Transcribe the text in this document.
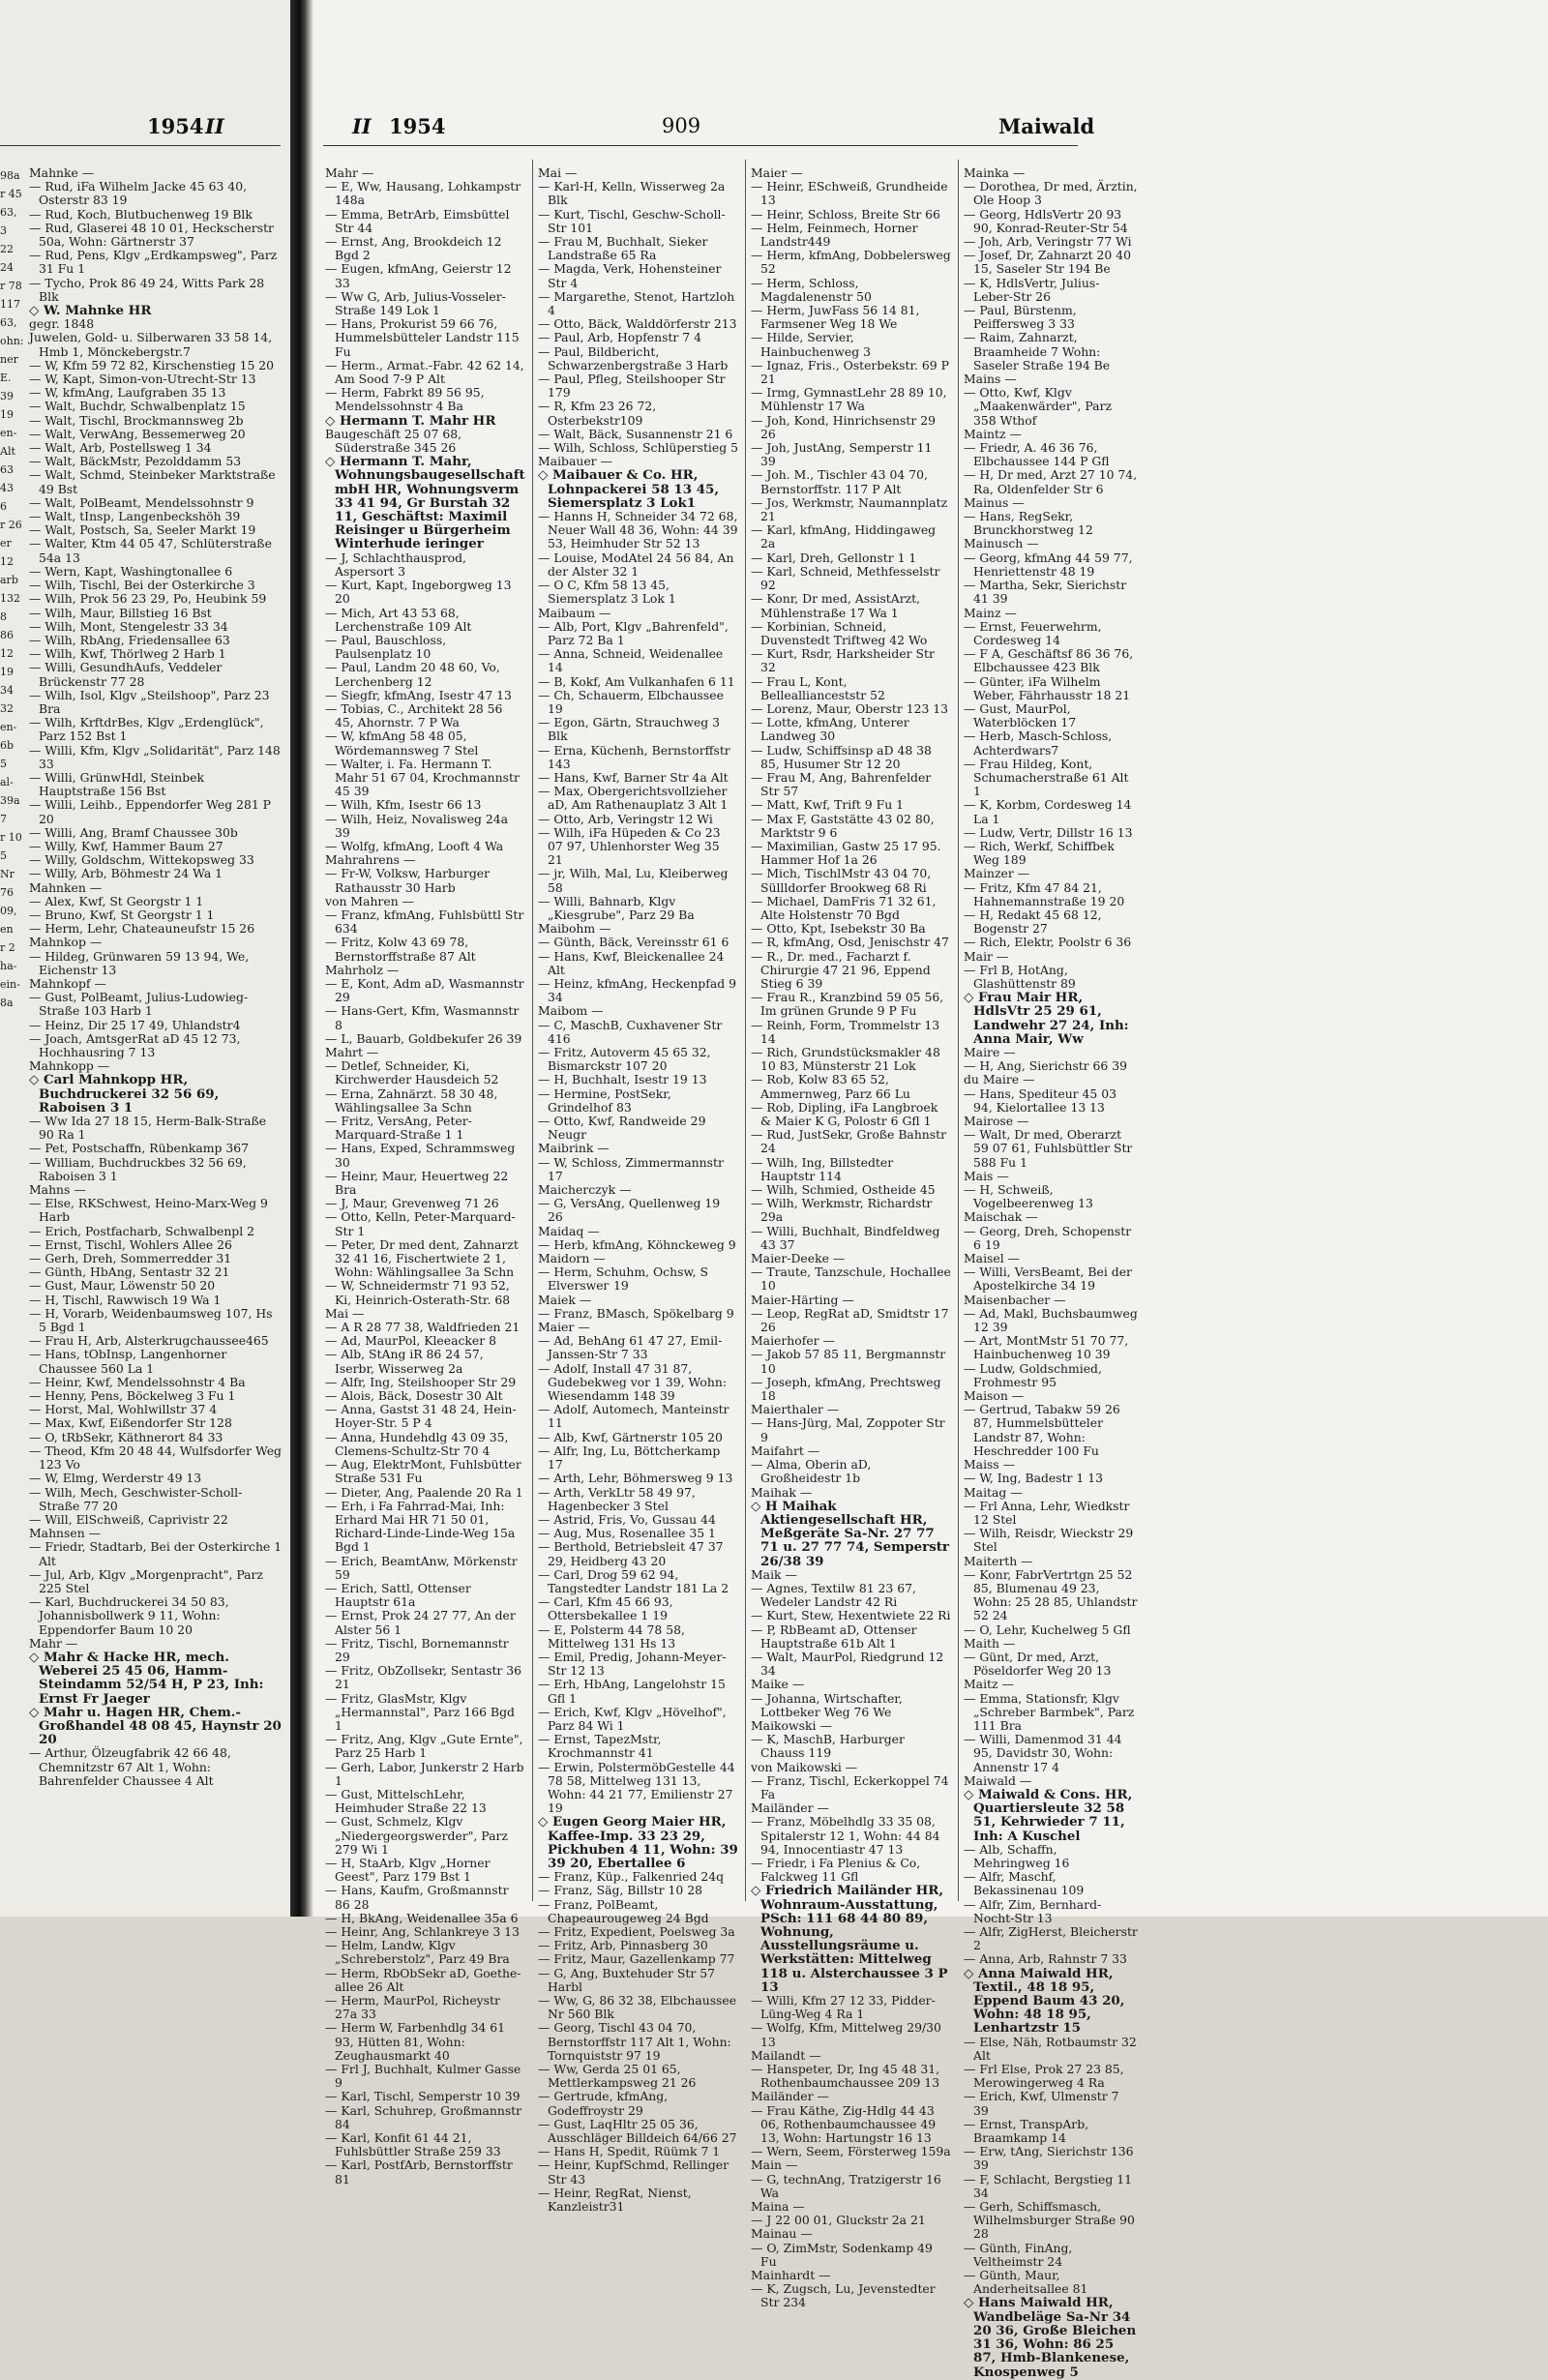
1954 II

Mahnke —

— Rud, iFa Wilhelm Jacke 45 63 40, Osterstr 83 19

— Rud, Koch, Blutbuchenweg 19 Blk

— Rud, Glaserei 48 10 01, Heckscherstr 50a, Wohn: Gärtnerstr 37

— Rud, Pens, Klgv „Erdkampsweg", Parz 31 Fu 1

— Tycho, Prok 86 49 24, Witts Park 28 Blk

◇ W. Mahnke HR

gegr. 1848

Juwelen, Gold- u. Silberwaren 33 58 14, Hmb 1, Mönckebergstr.7

— W, Kfm 59 72 82, Kirschenstieg 15 20

— W, Kapt, Simon-von-Utrecht-Str 13

— W, kfmAng, Laufgraben 35 13

— Walt, Buchdr, Schwalbenplatz 15

— Walt, Tischl, Brockmannsweg 2b

— Walt, VerwAng, Bessemerweg 20

— Walt, Arb, Postellsweg 1 34

— Walt, BäckMstr, Pezolddamm 53

— Walt, Schmd, Steinbeker Marktstraße 49 Bst

— Walt, PolBeamt, Mendelssohnstr 9

— Walt, tInsp, Langenbeckshöh 39

— Walt, Postsch, Sa, Seeler Markt 19

— Walter, Ktm 44 05 47, Schlüterstraße 54a 13

— Wern, Kapt, Washingtonallee 6

— Wilh, Tischl, Bei der Osterkirche 3

— Wilh, Prok 56 23 29, Po, Heubink 59

— Wilh, Maur, Billstieg 16 Bst

— Wilh, Mont, Stengelestr 33 34

— Wilh, RbAng, Friedensallee 63

— Wilh, Kwf, Thörlweg 2 Harb 1

— Willi, GesundhAufs, Veddeler Brückenstr 77 28

— Wilh, Isol, Klgv „Steilshoop", Parz 23 Bra

— Wilh, KrftdrBes, Klgv „Erdenglück", Parz 152 Bst 1

— Willi, Kfm, Klgv „Solidarität", Parz 148 33

— Willi, GrünwHdl, Steinbek Hauptstraße 156 Bst

— Willi, Leihb., Eppendorfer Weg 281 P 20

— Willi, Ang, Bramf Chaussee 30b

— Willy, Kwf, Hammer Baum 27

— Willy, Goldschm, Wittekopsweg 33

— Willy, Arb, Böhmestr 24 Wa 1

Mahnken —

— Alex, Kwf, St Georgstr 1 1

— Bruno, Kwf, St Georgstr 1 1

— Herm, Lehr, Chateauneufstr 15 26

Mahnkop —

— Hildeg, Grünwaren 59 13 94, We, Eichenstr 13

Mahnkopf —

— Gust, PolBeamt, Julius-Ludowieg-Straße 103 Harb 1

— Heinz, Dir 25 17 49, Uhlandstr4

— Joach, AmtsgerRat aD 45 12 73, Hochhausring 7 13

Mahnkopp —

◇ Carl Mahnkopp HR, Buchdruckerei 32 56 69, Raboisen 3 1

— Ww Ida 27 18 15, Herm-Balk-Straße 90 Ra 1

— Pet, Postschaffn, Rübenkamp 367

— William, Buchdruckbes 32 56 69, Raboisen 3 1

Mahns —

— Else, RKSchwest, Heino-Marx-Weg 9 Harb

— Erich, Postfacharb, Schwalbenpl 2

— Ernst, Tischl, Wohlers Allee 26

— Gerh, Dreh, Sommerredder 31

— Günth, HbAng, Sentastr 32 21

— Gust, Maur, Löwenstr 50 20

— H, Tischl, Rawwisch 19 Wa 1

— H, Vorarb, Weidenbaumsweg 107, Hs 5 Bgd 1

— Frau H, Arb, Alsterkrugchaussee465

— Hans, tObInsp, Langenhorner Chaussee 560 La 1

— Heinr, Kwf, Mendelssohnstr 4 Ba

— Henny, Pens, Böckelweg 3 Fu 1

— Horst, Mal, Wohlwillstr 37 4

— Max, Kwf, Eißendorfer Str 128

— O, tRbSekr, Käthnerort 84 33

— Theod, Kfm 20 48 44, Wulfsdorfer Weg 123 Vo

— W, Elmg, Werderstr 49 13

— Wilh, Mech, Geschwister-Scholl-Straße 77 20

— Will, ElSchweiß, Caprivistr 22

Mahnsen —

— Friedr, Stadtarb, Bei der Osterkirche 1 Alt

— Jul, Arb, Klgv „Morgenpracht", Parz 225 Stel

— Karl, Buchdruckerei 34 50 83, Johannisbollwerk 9 11, Wohn: Eppendorfer Baum 10 20

Mahr —

◇ Mahr & Hacke HR, mech. Weberei 25 45 06, Hamm-Steindamm 52/54 H, P 23, Inh: Ernst Fr Jaeger

◇ Mahr u. Hagen HR, Chem.-Großhandel 48 08 45, Haynstr 20 20

— Arthur, Ölzeugfabrik 42 66 48, Chemnitzstr 67 Alt 1, Wohn: Bahrenfelder Chaussee 4 Alt

98a
r 45
63,
3 22
24
r 78
117
63,
ohn:
ner
E.
39
19
en-
Alt
63
43
6
r 26
er
12
arb
132
8
86
12
19
34
32
en-
6b
5
al-
39a
7
r 10
5
Nr
76
09,
en
r 2
ha-
ein-
8a
II 1954	909	Maiwald

Mahr —

— E, Ww, Hausang, Lohkampstr 148a

— Emma, BetrArb, Eimsbüttel Str 44

— Ernst, Ang, Brookdeich 12 Bgd 2

— Eugen, kfmAng, Geierstr 12 33

— Ww G, Arb, Julius-Vosseler-Straße 149 Lok 1

— Hans, Prokurist 59 66 76, Hummelsbütteler Landstr 115 Fu

— Herm., Armat.-Fabr. 42 62 14, Am Sood 7-9 P Alt

— Herm, Fabrkt 89 56 95, Mendelssohnstr 4 Ba

◇ Hermann T. Mahr HR

Baugeschäft 25 07 68, Süderstraße 345 26

◇ Hermann T. Mahr, Wohnungsbaugesellschaft mbH HR, Wohnungsverm 33 41 94, Gr Burstah 32 11, Geschäftst: Maximil Reisinger u Bürgerheim Winterhude ieringer

— J, Schlachthausprod, Aspersort 3

— Kurt, Kapt, Ingeborgweg 13 20

— Mich, Art 43 53 68, Lerchenstraße 109 Alt

— Paul, Bauschloss, Paulsenplatz 10

— Paul, Landm 20 48 60, Vo, Lerchenberg 12

— Siegfr, kfmAng, Isestr 47 13

— Tobias, C., Architekt 28 56 45, Ahornstr. 7 P Wa

— W, kfmAng 58 48 05, Wördemannsweg 7 Stel

— Walter, i. Fa. Hermann T. Mahr 51 67 04, Krochmannstr 45 39

— Wilh, Kfm, Isestr 66 13

— Wilh, Heiz, Novalisweg 24a 39

— Wolfg, kfmAng, Looft 4 Wa

Mahrahrens —

— Fr-W, Volksw, Harburger Rathausstr 30 Harb

von Mahren —

— Franz, kfmAng, Fuhlsbüttl Str 634

— Fritz, Kolw 43 69 78, Bernstorffstraße 87 Alt

Mahrholz —

— E, Kont, Adm aD, Wasmannstr 29

— Hans-Gert, Kfm, Wasmannstr 8

— L, Bauarb, Goldbekufer 26 39

Mahrt —

— Detlef, Schneider, Ki, Kirchwerder Hausdeich 52

— Erna, Zahnärzt. 58 30 48, Wählingsallee 3a Schn

— Fritz, VersAng, Peter-Marquard-Straße 1 1

— Hans, Exped, Schrammsweg 30

— Heinr, Maur, Heuertweg 22 Bra

— J, Maur, Grevenweg 71 26

— Otto, Kelln, Peter-Marquard-Str 1

— Peter, Dr med dent, Zahnarzt 32 41 16, Fischertwiete 2 1, Wohn: Wählingsallee 3a Schn

— W, Schneidermstr 71 93 52, Ki, Heinrich-Osterath-Str. 68

Mai —

— A R 28 77 38, Waldfrieden 21

— Ad, MaurPol, Kleeacker 8

— Alb, StAng iR 86 24 57, Iserbr, Wisserweg 2a

— Alfr, Ing, Steilshooper Str 29

— Alois, Bäck, Dosestr 30 Alt

— Anna, Gastst 31 48 24, Hein-Hoyer-Str. 5 P 4

— Anna, Hundehdlg 43 09 35, Clemens-Schultz-Str 70 4

— Aug, ElektrMont, Fuhlsbütter Straße 531 Fu

— Dieter, Ang, Paalende 20 Ra 1

— Erh, i Fa Fahrrad-Mai, Inh: Erhard Mai HR 71 50 01, Richard-Linde-Linde-Weg 15a Bgd 1

— Erich, BeamtAnw, Mörkenstr 59

— Erich, Sattl, Ottenser Hauptstr 61a

— Ernst, Prok 24 27 77, An der Alster 56 1

— Fritz, Tischl, Bornemannstr 29

— Fritz, ObZollsekr, Sentastr 36 21

— Fritz, GlasMstr, Klgv „Hermannstal", Parz 166 Bgd 1

— Fritz, Ang, Klgv „Gute Ernte", Parz 25 Harb 1

— Gerh, Labor, Junkerstr 2 Harb 1

— Gust, MittelschLehr, Heimhuder Straße 22 13

— Gust, Schmelz, Klgv „Niedergeorgswerder", Parz 279 Wi 1

— H, StaArb, Klgv „Horner Geest", Parz 179 Bst 1

— Hans, Kaufm, Großmannstr 86 28

— H, BkAng, Weidenallee 35a 6

— Heinr, Ang, Schlankreye 3 13

— Helm, Landw, Klgv „Schreberstolz", Parz 49 Bra

— Herm, RbObSekr aD, Goethe-allee 26 Alt

— Herm, MaurPol, Richeystr 27a 33

— Herm W, Farbenhdlg 34 61 93, Hütten 81, Wohn: Zeughausmarkt 40

— Frl J, Buchhalt, Kulmer Gasse 9

— Karl, Tischl, Semperstr 10 39

— Karl, Schuhrep, Großmannstr 84

— Karl, Konfit 61 44 21, Fuhlsbüttler Straße 259 33

— Karl, PostfArb, Bernstorffstr 81

Mai —

— Karl-H, Kelln, Wisserweg 2a Blk

— Kurt, Tischl, Geschw-Scholl-Str 101

— Frau M, Buchhalt, Sieker Landstraße 65 Ra

— Magda, Verk, Hohensteiner Str 4

— Margarethe, Stenot, Hartzloh 4

— Otto, Bäck, Walddörferstr 213

— Paul, Arb, Hopfenstr 7 4

— Paul, Bildbericht, Schwarzenbergstraße 3 Harb

— Paul, Pfleg, Steilshooper Str 179

— R, Kfm 23 26 72, Osterbekstr109

— Walt, Bäck, Susannenstr 21 6

— Wilh, Schloss, Schlüperstieg 5

Maibauer —

◇ Maibauer & Co. HR, Lohnpackerei 58 13 45, Siemersplatz 3 Lok1

— Hanns H, Schneider 34 72 68, Neuer Wall 48 36, Wohn: 44 39 53, Heimhuder Str 52 13

— Louise, ModAtel 24 56 84, An der Alster 32 1

— O C, Kfm 58 13 45, Siemersplatz 3 Lok 1

Maibaum —

— Alb, Port, Klgv „Bahrenfeld", Parz 72 Ba 1

— Anna, Schneid, Weidenallee 14

— B, Kokf, Am Vulkanhafen 6 11

— Ch, Schauerm, Elbchaussee 19

— Egon, Gärtn, Strauchweg 3 Blk

— Erna, Küchenh, Bernstorffstr 143

— Hans, Kwf, Barner Str 4a Alt

— Max, Obergerichtsvollzieher aD, Am Rathenauplatz 3 Alt 1

— Otto, Arb, Veringstr 12 Wi

— Wilh, iFa Hüpeden & Co 23 07 97, Uhlenhorster Weg 35 21

— jr, Wilh, Mal, Lu, Kleiberweg 58

— Willi, Bahnarb, Klgv „Kiesgrube", Parz 29 Ba

Maibohm —

— Günth, Bäck, Vereinsstr 61 6

— Hans, Kwf, Bleickenallee 24 Alt

— Heinz, kfmAng, Heckenpfad 9 34

Maibom —

— C, MaschB, Cuxhavener Str 416

— Fritz, Autoverm 45 65 32, Bismarckstr 107 20

— H, Buchhalt, Isestr 19 13

— Hermine, PostSekr, Grindelhof 83

— Otto, Kwf, Randweide 29 Neugr

Maibrink —

— W, Schloss, Zimmermannstr 17

Maicherczyk —

— G, VersAng, Quellenweg 19 26

Maidaq —

— Herb, kfmAng, Köhnckeweg 9

Maidorn —

— Herm, Schuhm, Ochsw, S Elverswег 19

Maiek —

— Franz, BMasch, Spökelbarg 9

Maier —

— Ad, BehAng 61 47 27, Emil-Janssen-Str 7 33

— Adolf, Install 47 31 87, Gudebekweg vor 1 39, Wohn: Wiesendamm 148 39

— Adolf, Automech, Manteinstr 11

— Alb, Kwf, Gärtnerstr 105 20

— Alfr, Ing, Lu, Böttcherkamp 17

— Arth, Lehr, Böhmersweg 9 13

— Arth, VerkLtr 58 49 97, Hagenbecker 3 Stel

— Astrid, Fris, Vo, Gussau 44

— Aug, Mus, Rosenallee 35 1

— Berthold, Betriebsleit 47 37 29, Heidberg 43 20

— Carl, Drog 59 62 94, Tangstedter Landstr 181 La 2

— Carl, Kfm 45 66 93, Ottersbekallee 1 19

— E, Polsterm 44 78 58, Mittelweg 131 Hs 13

— Emil, Predig, Johann-Meyer-Str 12 13

— Erh, HbAng, Langelohstr 15 Gfl 1

— Erich, Kwf, Klgv „Hövelhof", Parz 84 Wi 1

— Ernst, TapezMstr, Krochmannstr 41

— Erwin, PolstermöbGestelle 44 78 58, Mittelweg 131 13, Wohn: 44 21 77, Emilienstr 27 19

◇ Eugen Georg Maier HR, Kaffee-Imp. 33 23 29, Pickhuben 4 11, Wohn: 39 39 20, Ebertallee 6

— Franz, Küp., Falkenried 24q

— Franz, Säg, Billstr 10 28

— Franz, PolBeamt, Chapeaurougeweg 24 Bgd

— Fritz, Expedient, Poelsweg 3a

— Fritz, Arb, Pinnasberg 30

— Fritz, Maur, Gazellenkamp 77

— G, Ang, Buxtehuder Str 57 Harbl

— Ww, G, 86 32 38, Elbchaussee Nr 560 Blk

— Georg, Tischl 43 04 70, Bernstorffstr 117 Alt 1, Wohn: Tornquiststr 97 19

— Ww, Gerda 25 01 65, Mettlerkampsweg 21 26

— Gertrude, kfmAng, Godeffroystr 29

— Gust, LaqHltr 25 05 36, Ausschläger Billdeich 64/66 27

— Hans H, Spedit, Rüümk 7 1

— Heinr, KupfSchmd, Rellinger Str 43

— Heinr, RegRat, Nienst, Kanzleistr31

Maier —

— Heinr, ESchweiß, Grundheide 13

— Heinr, Schloss, Breite Str 66

— Helm, Feinmech, Horner Landstr449

— Herm, kfmAng, Dobbelersweg 52

— Herm, Schloss, Magdalenenstr 50

— Herm, JuwFass 56 14 81, Farmsener Weg 18 We

— Hilde, Servier, Hainbuchenweg 3

— Ignaz, Fris., Osterbekstr. 69 P 21

— Irmg, GymnastLehr 28 89 10, Mühlenstr 17 Wa

— Joh, Kond, Hinrichsenstr 29 26

— Joh, JustAng, Semperstr 11 39

— Joh. M., Tischler 43 04 70, Bernstorffstr. 117 P Alt

— Jos, Werkmstr, Naumannplatz 21

— Karl, kfmAng, Hiddingaweg 2a

— Karl, Dreh, Gellonstr 1 1

— Karl, Schneid, Methfesselstr 92

— Konr, Dr med, AssistArzt, Mühlenstraße 17 Wa 1

— Korbinian, Schneid, Duvenstedt Triftweg 42 Wo

— Kurt, Rsdr, Harksheider Str 32

— Frau L, Kont, Belleallianceststr 52

— Lorenz, Maur, Oberstr 123 13

— Lotte, kfmAng, Unterer Landweg 30

— Ludw, Schiffsinsp aD 48 38 85, Husumer Str 12 20

— Frau M, Ang, Bahrenfelder Str 57

— Matt, Kwf, Trift 9 Fu 1

— Max F, Gaststätte 43 02 80, Marktstr 9 6

— Maximilian, Gastw 25 17 95. Hammer Hof 1a 26

— Mich, TischlMstr 43 04 70, Süllldorfer Brookweg 68 Ri

— Michael, DamFris 71 32 61, Alte Holstenstr 70 Bgd

— Otto, Kpt, Isebekstr 30 Ba

— R, kfmAng, Osd, Jenischstr 47

— R., Dr. med., Facharzt f. Chirurgie 47 21 96, Eppend Stieg 6 39

— Frau R., Kranzbind 59 05 56, Im grünen Grunde 9 P Fu

— Reinh, Form, Trommelstr 13 14

— Rich, Grundstücksmakler 48 10 83, Münsterstr 21 Lok

— Rob, Kolw 83 65 52, Ammernweg, Parz 66 Lu

— Rob, Dipling, iFa Langbroek & Maier K G, Polostr 6 Gfl 1

— Rud, JustSekr, Große Bahnstr 24

— Wilh, Ing, Billstedter Hauptstr 114

— Wilh, Schmied, Ostheide 45

— Wilh, Werkmstr, Richardstr 29a

— Willi, Buchhalt, Bindfeldweg 43 37

Maier-Deeke —

— Traute, Tanzschule, Hochallee 10

Maier-Härting —

— Leop, RegRat aD, Smidtstr 17 26

Maierhofer —

— Jakob 57 85 11, Bergmannstr 10

— Joseph, kfmAng, Prechtsweg 18

Maierthaler —

— Hans-Jürg, Mal, Zoppoter Str 9

Maifahrt —

— Alma, Oberin aD, Großheidestr 1b

Maihak —

◇ H Maihak Aktiengesellschaft HR, Meßgeräte Sa-Nr. 27 77 71 u. 27 77 74, Semperstr 26/38 39

Maik —

— Agnes, Textilw 81 23 67, Wedeler Landstr 42 Ri

— Kurt, Stew, Hexentwiete 22 Ri

— P, RbBeamt aD, Ottenser Hauptstraße 61b Alt 1

— Walt, MaurPol, Riedgrund 12 34

Maike —

— Johanna, Wirtschafter, Lottbeker Weg 76 We

Maikowski —

— K, MaschB, Harburger Chauss 119

von Maikowski —

— Franz, Tischl, Eckerkoppel 74 Fa

Mailänder —

— Franz, Möbelhdlg 33 35 08, Spitalerstr 12 1, Wohn: 44 84 94, Innocentiastr 47 13

— Friedr, i Fa Plenius & Co, Falckweg 11 Gfl

◇ Friedrich Mailänder HR, Wohnraum-Ausstattung, PSch: 111 68 44 80 89, Wohnung, Ausstellungsräume u. Werkstätten: Mittelweg 118 u. Alsterchaussee 3 P 13

— Willi, Kfm 27 12 33, Pidder-Lüng-Weg 4 Ra 1

— Wolfg, Kfm, Mittelweg 29/30 13

Mailandt —

— Hanspeter, Dr, Ing 45 48 31, Rothenbaumchaussee 209 13

Mailänder —

— Frau Käthe, Zig-Hdlg 44 43 06, Rothenbaumchaussee 49 13, Wohn: Hartungstr 16 13

— Wern, Seem, Försterweg 159a

Main —

— G, technAng, Tratzigerstr 16 Wa

Maina —

— J 22 00 01, Gluckstr 2a 21

Mainau —

— O, ZimMstr, Sodenkamp 49 Fu

Mainhardt —

— K, Zugsch, Lu, Jevenstedter Str 234

Mainka —

— Dorothea, Dr med, Ärztin, Ole Hoop 3

— Georg, HdlsVertr 20 93 90, Konrad-Reuter-Str 54

— Joh, Arb, Veringstr 77 Wi

— Josef, Dr, Zahnarzt 20 40 15, Saseler Str 194 Be

— K, HdlsVertr, Julius-Leber-Str 26

— Paul, Bürstenm, Peiffersweg 3 33

— Raim, Zahnarzt, Braamheide 7 Wohn: Saseler Straße 194 Be

Mains —

— Otto, Kwf, Klgv „Maakenwärder", Parz 358 Wthof

Maintz —

— Friedr, A. 46 36 76, Elbchaussee 144 P Gfl

— H, Dr med, Arzt 27 10 74, Ra, Oldenfelder Str 6

Mainus —

— Hans, RegSekr, Brunckhorstweg 12

Mainusch —

— Georg, kfmAng 44 59 77, Henriettenstr 48 19

— Martha, Sekr, Sierichstr 41 39

Mainz —

— Ernst, Feuerwehrm, Cordesweg 14

— F A, Geschäftsf 86 36 76, Elbchaussee 423 Blk

— Günter, iFa Wilhelm Weber, Fährhausstr 18 21

— Gust, MaurPol, Waterblöcken 17

— Herb, Masch-Schloss, Achterdwars7

— Frau Hildeg, Kont, Schumacherstraße 61 Alt 1

— K, Korbm, Cordesweg 14 La 1

— Ludw, Vertr, Dillstr 16 13

— Rich, Werkf, Schiffbek Weg 189

Mainzer —

— Fritz, Kfm 47 84 21, Hahnemannstraße 19 20

— H, Redakt 45 68 12, Bogenstr 27

— Rich, Elektr, Poolstr 6 36

Mair —

— Frl B, HotAng, Glashüttenstr 89

◇ Frau Mair HR, HdlsVtr 25 29 61, Landwehr 27 24, Inh: Anna Mair, Ww

Maire —

— H, Ang, Sierichstr 66 39

du Maire —

— Hans, Spediteur 45 03 94, Kielortallee 13 13

Mairose —

— Walt, Dr med, Oberarzt 59 07 61, Fuhlsbüttler Str 588 Fu 1

Mais —

— H, Schweiß, Vogelbeerenweg 13

Maischak —

— Georg, Dreh, Schopenstr 6 19

Maisel —

— Willi, VersBeamt, Bei der Apostelkirche 34 19

Maisenbacher —

— Ad, Makl, Buchsbaumweg 12 39

— Art, MontMstr 51 70 77, Hainbuchenweg 10 39

— Ludw, Goldschmied, Frohmestr 95

Maison —

— Gertrud, Tabakw 59 26 87, Hummelsbütteler Landstr 87, Wohn: Heschredder 100 Fu

Maiss —

— W, Ing, Badestr 1 13

Maitag —

— Frl Anna, Lehr, Wiedkstr 12 Stel

— Wilh, Reisdr, Wieckstr 29 Stel

Maiterth —

— Konr, FabrVertrtgn 25 52 85, Blumenau 49 23, Wohn: 25 28 85, Uhlandstr 52 24

— O, Lehr, Kuchelweg 5 Gfl

Maith —

— Günt, Dr med, Arzt, Pöseldorfer Weg 20 13

Maitz —

— Emma, Stationsfr, Klgv „Schreber Barmbek", Parz 111 Bra

— Willi, Damenmod 31 44 95, Davidstr 30, Wohn: Annenstr 17 4

Maiwald —

◇ Maiwald & Cons. HR, Quartiersleute 32 58 51, Kehrwieder 7 11, Inh: A Kuschel

— Alb, Schaffn, Mehringweg 16

— Alfr, Maschf, Bekassinenau 109

— Alfr, Zim, Bernhard-Nocht-Str 13

— Alfr, ZigHerst, Bleicherstr 2

— Anna, Arb, Rahnstr 7 33

◇ Anna Maiwald HR, Textil., 48 18 95, Eppend Baum 43 20, Wohn: 48 18 95, Lenhartzstr 15

— Else, Näh, Rotbaumstr 32 Alt

— Frl Else, Prok 27 23 85, Merowingerweg 4 Ra

— Erich, Kwf, Ulmenstr 7 39

— Ernst, TranspArb, Braamkamp 14

— Erw, tAng, Sierichstr 136 39

— F, Schlacht, Bergstieg 11 34

— Gerh, Schiffsmasch, Wilhelmsburger Straße 90 28

— Günth, FinAng, Veltheimstr 24

— Günth, Maur, Anderheitsallee 81

◇ Hans Maiwald HR, Wandbeläge Sa-Nr 34 20 36, Große Bleichen 31 36, Wohn: 86 25 87, Hmb-Blankenese, Knospenweg 5
